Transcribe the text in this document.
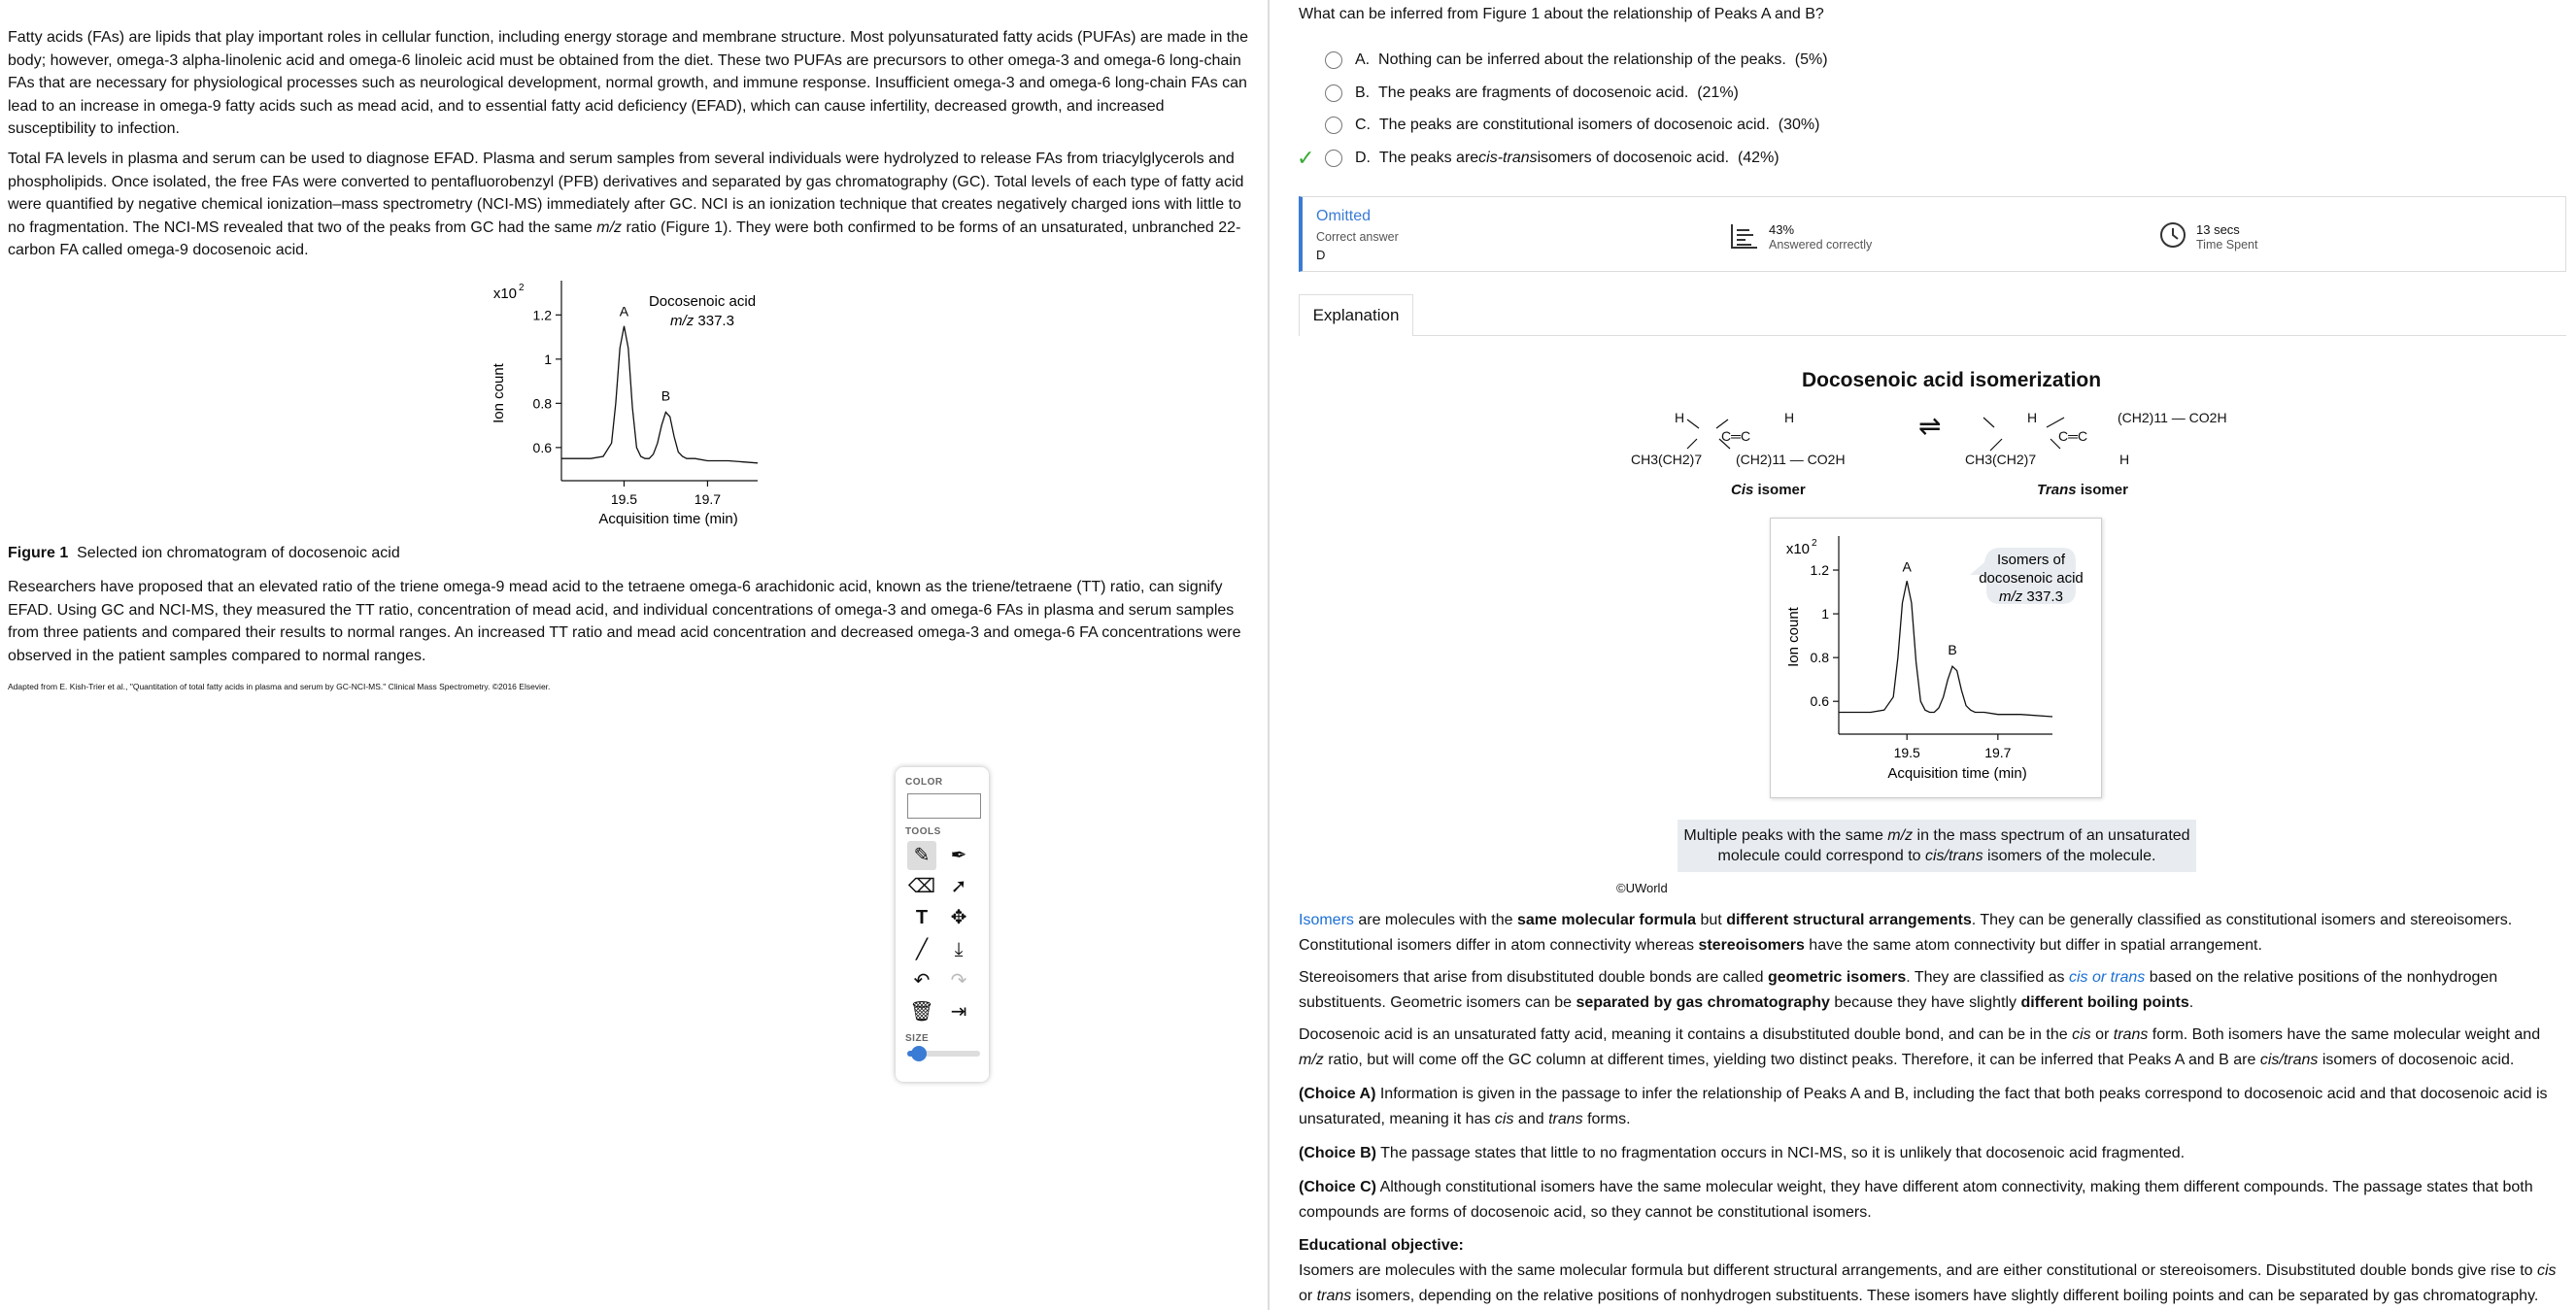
Fatty acids (FAs) are lipids that play important roles in cellular function, including energy storage and membrane structure. Most polyunsaturated fatty acids (PUFAs) are made in the body; however, omega-3 alpha-linolenic acid and omega-6 linoleic acid must be obtained from the diet. These two PUFAs are precursors to other omega-3 and omega-6 long-chain FAs that are necessary for physiological processes such as neurological development, normal growth, and immune response. Insufficient omega-3 and omega-6 long-chain FAs can lead to an increase in omega-9 fatty acids such as mead acid, and to essential fatty acid deficiency (EFAD), which can cause infertility, decreased growth, and increased susceptibility to infection.

Total FA levels in plasma and serum can be used to diagnose EFAD. Plasma and serum samples from several individuals were hydrolyzed to release FAs from triacylglycerols and phospholipids. Once isolated, the free FAs were converted to pentafluorobenzyl (PFB) derivatives and separated by gas chromatography (GC). Total levels of each type of fatty acid were quantified by negative chemical ionization–mass spectrometry (NCI-MS) immediately after GC. NCI is an ionization technique that creates negatively charged ions with little to no fragmentation. The NCI-MS revealed that two of the peaks from GC had the same m/z ratio (Figure 1). They were both confirmed to be forms of an unsaturated, unbranched 22-carbon FA called omega-9 docosenoic acid.

x10 2
Ion count
Acquisition time (min)
Docosenoic acid
m/z 337.3
1.2
1
0.8
0.6
19.5	19.7
A
B
Figure 1 Selected ion chromatogram of docosenoic acid

Researchers have proposed that an elevated ratio of the triene omega-9 mead acid to the tetraene omega-6 arachidonic acid, known as the triene/tetraene (TT) ratio, can signify EFAD. Using GC and NCI-MS, they measured the TT ratio, concentration of mead acid, and individual concentrations of omega-3 and omega-6 FAs in plasma and serum samples from three patients and compared their results to normal ranges. An increased TT ratio and mead acid concentration and decreased omega-3 and omega-6 FA concentrations were observed in the patient samples compared to normal ranges.

Adapted from E. Kish-Trier et al., "Quantitation of total fatty acids in plasma and serum by GC-NCI-MS." Clinical Mass Spectrometry. ©2016 Elsevier.
COLOR
TOOLS
✎	✒
⌫ ➚
T	✥
╱	⤓
↶	↷
🗑 ⇥
SIZE
What can be inferred from Figure 1 about the relationship of Peaks A and B?
A.
Nothing can be inferred about the relationship of the peaks.
(5%)
B.
The peaks are fragments of docosenoic acid.
(21%)
C.
The peaks are constitutional isomers of docosenoic acid.
(30%)
✓	D.
The peaks are cis-trans isomers of docosenoic acid.
(42%)
Omitted
Correct answer
D
43%
Answered correctly
13 secs
Time Spent
Explanation
Docosenoic acid isomerization
H	H
C═C
CH3(CH2)7 (CH2)11 — CO2H
Cis isomer
⇌	H	(CH2)11 — CO2H
C═C
CH3(CH2)7	H
Trans isomer
x10 2
Ion count
Acquisition time (min)
Isomers of
docosenoic acid
m/z 337.3
1.2
1
0.8
0.6
19.5	19.7
A
B
Multiple peaks with the same m/z in the mass spectrum of an unsaturated
molecule could correspond to cis/trans isomers of the molecule.
©UWorld

Isomers are molecules with the same molecular formula but different structural arrangements. They can be generally classified as constitutional isomers and stereoisomers. Constitutional isomers differ in atom connectivity whereas stereoisomers have the same atom connectivity but differ in spatial arrangement.

Stereoisomers that arise from disubstituted double bonds are called geometric isomers. They are classified as cis or trans based on the relative positions of the nonhydrogen substituents. Geometric isomers can be separated by gas chromatography because they have slightly different boiling points.

Docosenoic acid is an unsaturated fatty acid, meaning it contains a disubstituted double bond, and can be in the cis or trans form. Both isomers have the same molecular weight and m/z ratio, but will come off the GC column at different times, yielding two distinct peaks. Therefore, it can be inferred that Peaks A and B are cis/trans isomers of docosenoic acid.

(Choice A) Information is given in the passage to infer the relationship of Peaks A and B, including the fact that both peaks correspond to docosenoic acid and that docosenoic acid is unsaturated, meaning it has cis and trans forms.

(Choice B) The passage states that little to no fragmentation occurs in NCI-MS, so it is unlikely that docosenoic acid fragmented.

(Choice C) Although constitutional isomers have the same molecular weight, they have different atom connectivity, making them different compounds. The passage states that both compounds are forms of docosenoic acid, so they cannot be constitutional isomers.

Educational objective:

Isomers are molecules with the same molecular formula but different structural arrangements, and are either constitutional or stereoisomers. Disubstituted double bonds give rise to cis or trans isomers, depending on the relative positions of nonhydrogen substituents. These isomers have slightly different boiling points and can be separated by gas chromatography.
